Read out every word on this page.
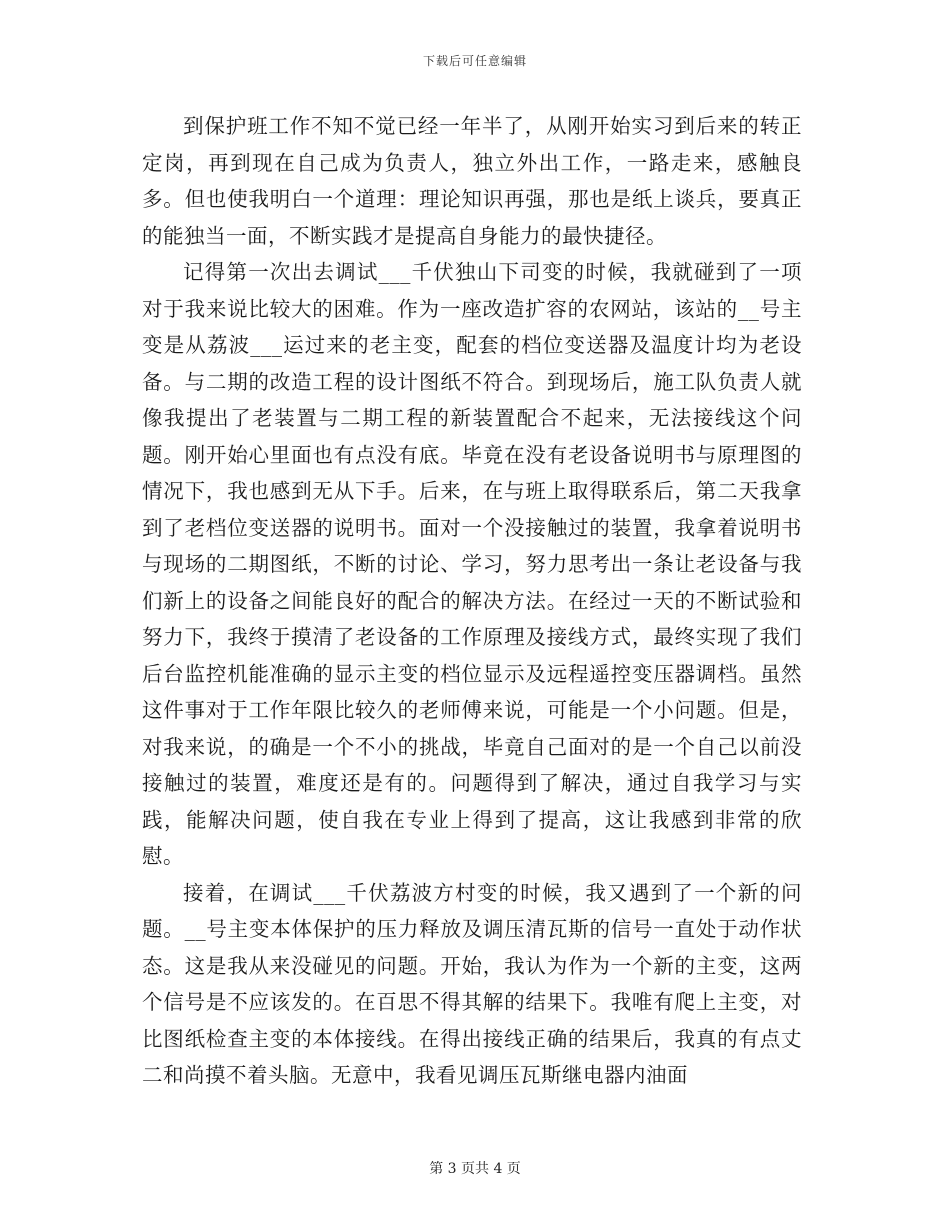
下载后可任意编辑

到保护班工作不知不觉已经一年半了，从刚开始实习到后来的转正定岗，再到现在自己成为负责人，独立外出工作，一路走来，感触良多。但也使我明白一个道理：理论知识再强，那也是纸上谈兵，要真正的能独当一面，不断实践才是提高自身能力的最快捷径。

记得第一次出去调试___千伏独山下司变的时候，我就碰到了一项对于我来说比较大的困难。作为一座改造扩容的农网站，该站的__号主变是从荔波___运过来的老主变，配套的档位变送器及温度计均为老设备。与二期的改造工程的设计图纸不符合。到现场后，施工队负责人就像我提出了老装置与二期工程的新装置配合不起来，无法接线这个问题。刚开始心里面也有点没有底。毕竟在没有老设备说明书与原理图的情况下，我也感到无从下手。后来，在与班上取得联系后，第二天我拿到了老档位变送器的说明书。面对一个没接触过的装置，我拿着说明书与现场的二期图纸，不断的讨论、学习，努力思考出一条让老设备与我们新上的设备之间能良好的配合的解决方法。在经过一天的不断试验和努力下，我终于摸清了老设备的工作原理及接线方式，最终实现了我们后台监控机能准确的显示主变的档位显示及远程遥控变压器调档。虽然这件事对于工作年限比较久的老师傅来说，可能是一个小问题。但是，对我来说，的确是一个不小的挑战，毕竟自己面对的是一个自己以前没接触过的装置，难度还是有的。问题得到了解决，通过自我学习与实践，能解决问题，使自我在专业上得到了提高，这让我感到非常的欣慰。

接着，在调试___千伏荔波方村变的时候，我又遇到了一个新的问题。__号主变本体保护的压力释放及调压清瓦斯的信号一直处于动作状态。这是我从来没碰见的问题。开始，我认为作为一个新的主变，这两个信号是不应该发的。在百思不得其解的结果下。我唯有爬上主变，对比图纸检查主变的本体接线。在得出接线正确的结果后，我真的有点丈二和尚摸不着头脑。无意中，我看见调压瓦斯继电器内油面

第 3 页共 4 页
